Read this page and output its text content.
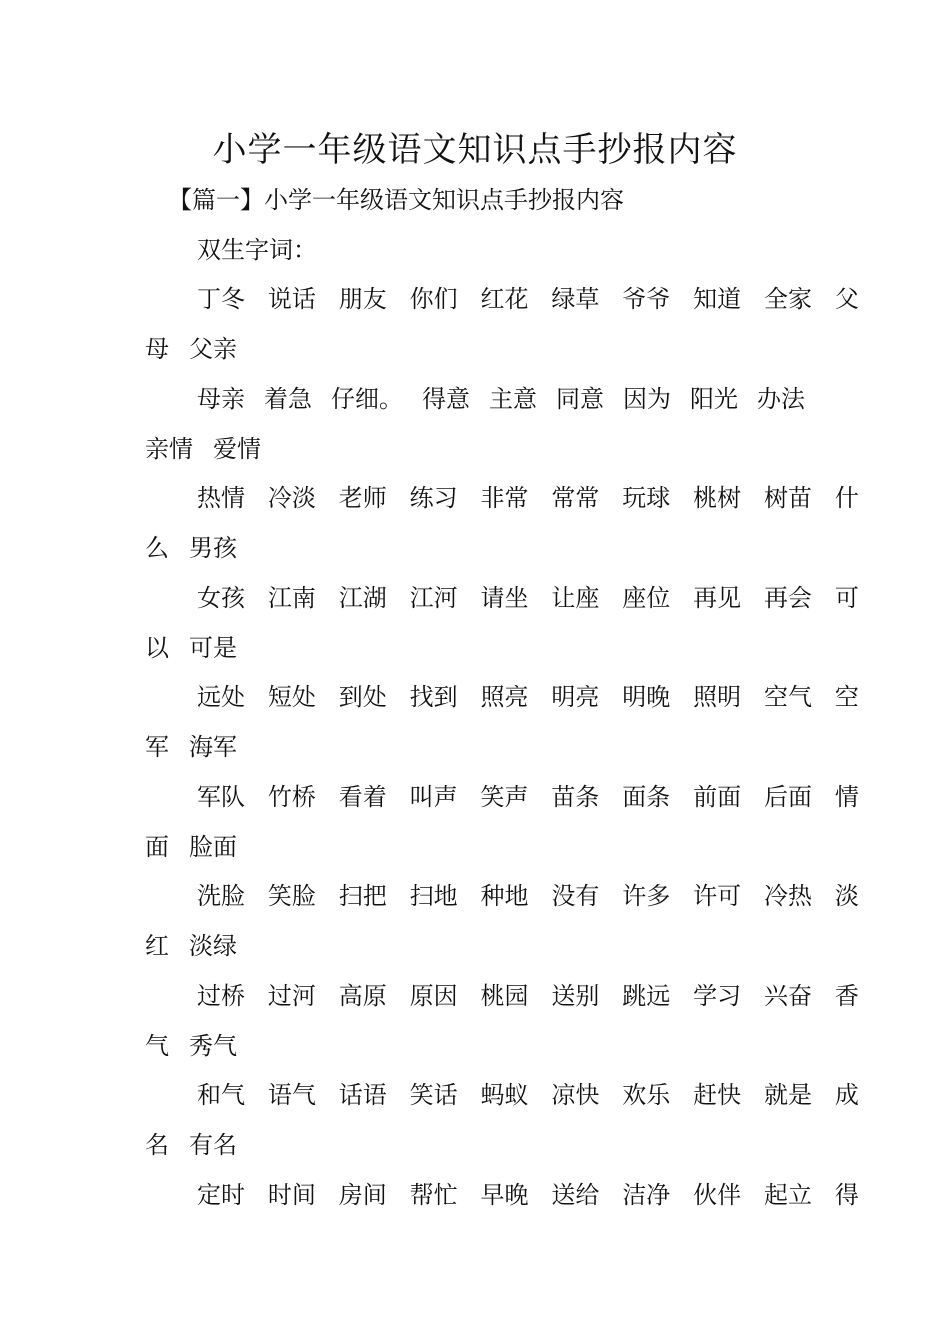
小学一年级语文知识点手抄报内容
【篇一】小学一年级语文知识点手抄报内容
双生字词：
丁冬 说话 朋友 你们 红花 绿草 爷爷 知道 全家 父
母 父亲
母亲 着急 仔细。 得意 主意 同意 因为 阳光 办法
亲情 爱情
热情 冷淡 老师 练习 非常 常常 玩球 桃树 树苗 什
么 男孩
女孩 江南 江湖 江河 请坐 让座 座位 再见 再会 可
以 可是
远处 短处 到处 找到 照亮 明亮 明晚 照明 空气 空
军 海军
军队 竹桥 看着 叫声 笑声 苗条 面条 前面 后面 情
面 脸面
洗脸 笑脸 扫把 扫地 种地 没有 许多 许可 冷热 淡
红 淡绿
过桥 过河 高原 原因 桃园 送别 跳远 学习 兴奋 香
气 秀气
和气 语气 话语 笑话 蚂蚁 凉快 欢乐 赶快 就是 成
名 有名
定时 时间 房间 帮忙 早晚 送给 洁净 伙伴 起立 得
